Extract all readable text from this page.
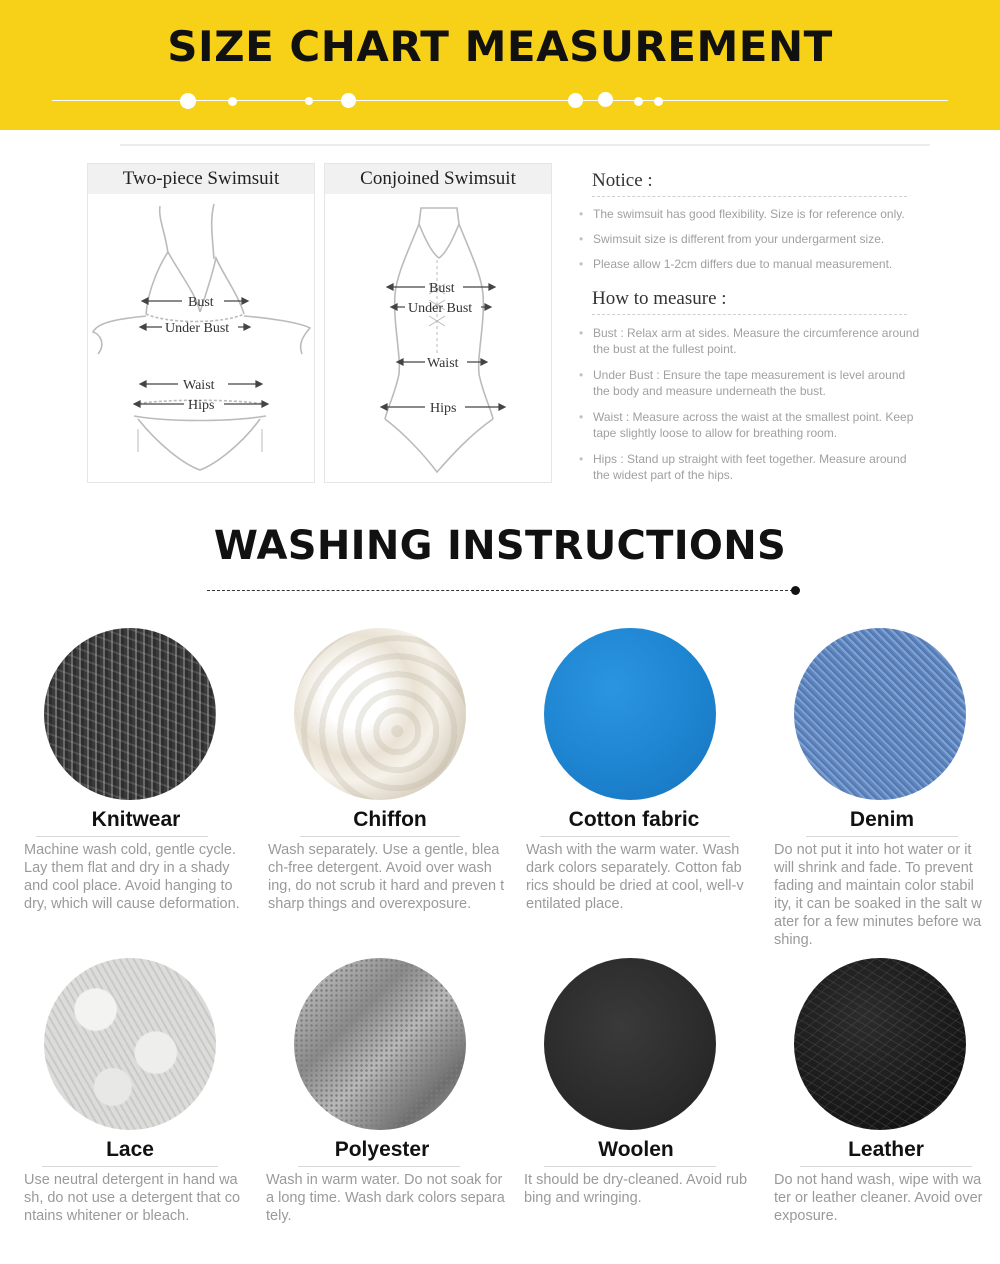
SIZE CHART MEASUREMENT
Two-piece Swimsuit
Bust
Under Bust
Waist
Hips
Conjoined Swimsuit
Bust
Under Bust
Waist
Hips
Notice :
• The swimsuit has good flexibility. Size is for reference only.
• Swimsuit size is different from your undergarment size.
• Please allow 1-2cm differs due to manual measurement.
How to measure :
• Bust : Relax arm at sides. Measure the circumference around the bust at the fullest point.
• Under Bust : Ensure the tape measurement is level around the body and measure underneath the bust.
• Waist : Measure across the waist at the smallest point. Keep tape slightly loose to allow for breathing room.
• Hips : Stand up straight with feet together. Measure around the widest part of the hips.
WASHING INSTRUCTIONS
Knitwear
Machine wash cold, gentle cycle. Lay them flat and dry in a shady and cool place. Avoid hanging to dry, which will cause deformation.
Chiffon
Wash separately. Use a gentle, blea ch-free detergent. Avoid over wash ing, do not scrub it hard and preven t sharp things and overexposure.
Cotton fabric
Wash with the warm water. Wash dark colors separately. Cotton fab rics should be dried at cool, well-v entilated place.
Denim
Do not put it into hot water or it will shrink and fade. To prevent fading and maintain color stabil ity, it can be soaked in the salt w ater for a few minutes before wa shing.
Lace
Use neutral detergent in hand wa sh, do not use a detergent that co ntains whitener or bleach.
Polyester
Wash in warm water. Do not soak for a long time. Wash dark colors separa tely.
Woolen
It should be dry-cleaned. Avoid rub bing and wringing.
Leather
Do not hand wash, wipe with wa ter or leather cleaner. Avoid over exposure.
